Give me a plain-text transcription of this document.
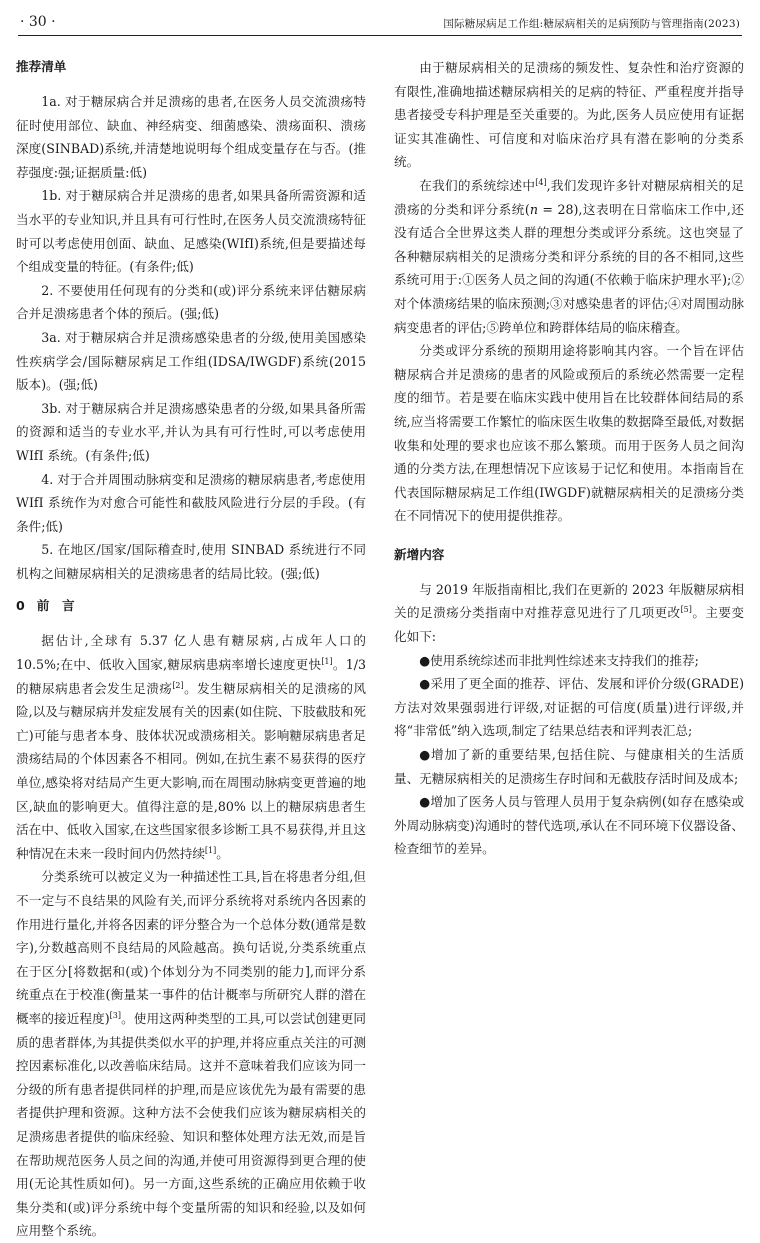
· 30 ·	国际糖尿病足工作组:糖尿病相关的足病预防与管理指南(2023)
推荐清单

1a. 对于糖尿病合并足溃疡的患者,在医务人员交流溃疡特征时使用部位、缺血、神经病变、细菌感染、溃疡面积、溃疡深度(SINBAD)系统,并清楚地说明每个组成变量存在与否。(推荐强度:强;证据质量:低)

1b. 对于糖尿病合并足溃疡的患者,如果具备所需资源和适当水平的专业知识,并且具有可行性时,在医务人员交流溃疡特征时可以考虑使用创面、缺血、足感染(WIfI)系统,但是要描述每个组成变量的特征。(有条件;低)

2. 不要使用任何现有的分类和(或)评分系统来评估糖尿病合并足溃疡患者个体的预后。(强;低)

3a. 对于糖尿病合并足溃疡感染患者的分级,使用美国感染性疾病学会/国际糖尿病足工作组(IDSA/IWGDF)系统(2015 版本)。(强;低)

3b. 对于糖尿病合并足溃疡感染患者的分级,如果具备所需的资源和适当的专业水平,并认为具有可行性时,可以考虑使用 WIfI 系统。(有条件;低)

4. 对于合并周围动脉病变和足溃疡的糖尿病患者,考虑使用 WIfI 系统作为对愈合可能性和截肢风险进行分层的手段。(有条件;低)

5. 在地区/国家/国际稽查时,使用 SINBAD 系统进行不同机构之间糖尿病相关的足溃疡患者的结局比较。(强;低)

0 前　言

据估计,全球有 5.37 亿人患有糖尿病,占成年人口的 10.5%;在中、低收入国家,糖尿病患病率增长速度更快[1]。1/3 的糖尿病患者会发生足溃疡[2]。发生糖尿病相关的足溃疡的风险,以及与糖尿病并发症发展有关的因素(如住院、下肢截肢和死亡)可能与患者本身、肢体状况或溃疡相关。影响糖尿病患者足溃疡结局的个体因素各不相同。例如,在抗生素不易获得的医疗单位,感染将对结局产生更大影响,而在周围动脉病变更普遍的地区,缺血的影响更大。值得注意的是,80% 以上的糖尿病患者生活在中、低收入国家,在这些国家很多诊断工具不易获得,并且这种情况在未来一段时间内仍然持续[1]。

分类系统可以被定义为一种描述性工具,旨在将患者分组,但不一定与不良结果的风险有关,而评分系统将对系统内各因素的作用进行量化,并将各因素的评分整合为一个总体分数(通常是数字),分数越高则不良结局的风险越高。换句话说,分类系统重点在于区分[将数据和(或)个体划分为不同类别的能力],而评分系统重点在于校准(衡量某一事件的估计概率与所研究人群的潜在概率的接近程度)[3]。使用这两种类型的工具,可以尝试创建更同质的患者群体,为其提供类似水平的护理,并将应重点关注的可测控因素标准化,以改善临床结局。这并不意味着我们应该为同一分级的所有患者提供同样的护理,而是应该优先为最有需要的患者提供护理和资源。这种方法不会使我们应该为糖尿病相关的足溃疡患者提供的临床经验、知识和整体处理方法无效,而是旨在帮助规范医务人员之间的沟通,并使可用资源得到更合理的使用(无论其性质如何)。另一方面,这些系统的正确应用依赖于收集分类和(或)评分系统中每个变量所需的知识和经验,以及如何应用整个系统。

由于糖尿病相关的足溃疡的频发性、复杂性和治疗资源的有限性,准确地描述糖尿病相关的足病的特征、严重程度并指导患者接受专科护理是至关重要的。为此,医务人员应使用有证据证实其准确性、可信度和对临床治疗具有潜在影响的分类系统。

在我们的系统综述中[4],我们发现许多针对糖尿病相关的足溃疡的分类和评分系统(n = 28),这表明在日常临床工作中,还没有适合全世界这类人群的理想分类或评分系统。这也突显了各种糖尿病相关的足溃疡分类和评分系统的目的各不相同,这些系统可用于:①医务人员之间的沟通(不依赖于临床护理水平);②对个体溃疡结果的临床预测;③对感染患者的评估;④对周围动脉病变患者的评估;⑤跨单位和跨群体结局的临床稽查。

分类或评分系统的预期用途将影响其内容。一个旨在评估糖尿病合并足溃疡的患者的风险或预后的系统必然需要一定程度的细节。若是要在临床实践中使用旨在比较群体间结局的系统,应当将需要工作繁忙的临床医生收集的数据降至最低,对数据收集和处理的要求也应该不那么繁琐。而用于医务人员之间沟通的分类方法,在理想情况下应该易于记忆和使用。本指南旨在代表国际糖尿病足工作组(IWGDF)就糖尿病相关的足溃疡分类在不同情况下的使用提供推荐。

新增内容

与 2019 年版指南相比,我们在更新的 2023 年版糖尿病相关的足溃疡分类指南中对推荐意见进行了几项更改[5]。主要变化如下:

●使用系统综述而非批判性综述来支持我们的推荐;

●采用了更全面的推荐、评估、发展和评价分级(GRADE)方法对效果强弱进行评级,对证据的可信度(质量)进行评级,并将“非常低”纳入选项,制定了结果总结表和评判表汇总;

●增加了新的重要结果,包括住院、与健康相关的生活质量、无糖尿病相关的足溃疡生存时间和无截肢存活时间及成本;

●增加了医务人员与管理人员用于复杂病例(如存在感染或外周动脉病变)沟通时的替代选项,承认在不同环境下仪器设备、检查细节的差异。
